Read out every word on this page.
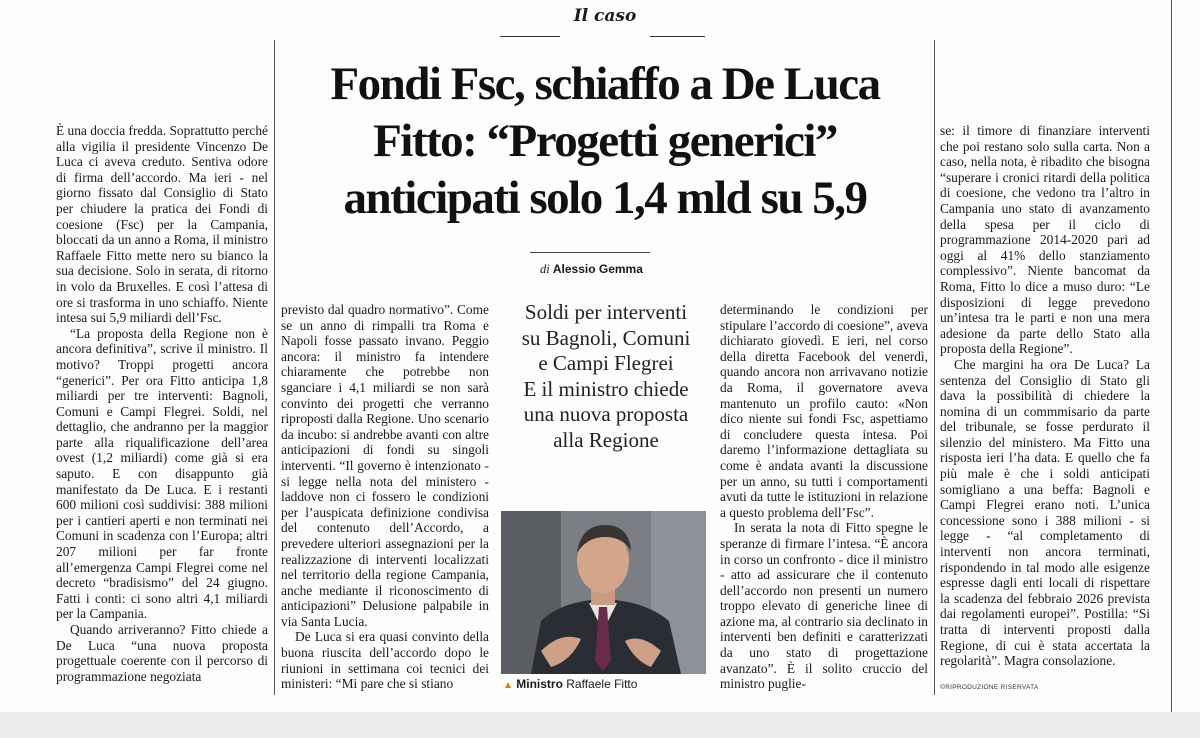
Il caso
Fondi Fsc, schiaffo a De Luca
Fitto: “Progetti generici”
anticipati solo 1,4 mld su 5,9
di Alessio Gemma

È una doccia fredda. Soprattutto perché alla vigilia il presidente Vincenzo De Luca ci aveva creduto. Sentiva odore di firma dell’accordo. Ma ieri - nel giorno fissato dal Consiglio di Stato per chiudere la pratica dei Fondi di coesione (Fsc) per la Campania, bloccati da un anno a Roma, il ministro Raffaele Fitto mette nero su bianco la sua decisione. Solo in serata, di ritorno in volo da Bruxelles. E così l’attesa di ore si trasforma in uno schiaffo. Niente intesa sui 5,9 miliardi dell’Fsc.

“La proposta della Regione non è ancora definitiva”, scrive il ministro. Il motivo? Troppi progetti ancora “generici”. Per ora Fitto anticipa 1,8 miliardi per tre interventi: Bagnoli, Comuni e Campi Flegrei. Soldi, nel dettaglio, che andranno per la maggior parte alla riqualificazione dell’area ovest (1,2 miliardi) come già si era saputo. E con disappunto già manifestato da De Luca. E i restanti 600 milioni così suddivisi: 388 milioni per i cantieri aperti e non terminati nei Comuni in scadenza con l’Europa; altri 207 milioni per far fronte all’emergenza Campi Flegrei come nel decreto “bradisismo” del 24 giugno. Fatti i conti: ci sono altri 4,1 miliardi per la Campania.

Quando arriveranno? Fitto chiede a De Luca “una nuova proposta progettuale coerente con il percorso di programmazione negoziata

previsto dal quadro normativo”. Come se un anno di rimpalli tra Roma e Napoli fosse passato invano. Peggio ancora: il ministro fa intendere chiaramente che potrebbe non sganciare i 4,1 miliardi se non sarà convinto dei progetti che verranno riproposti dalla Regione. Uno scenario da incubo: si andrebbe avanti con altre anticipazioni di fondi su singoli interventi. “Il governo è intenzionato - si legge nella nota del ministero - laddove non ci fossero le condizioni per l’auspicata definizione condivisa del contenuto dell’Accordo, a prevedere ulteriori assegnazioni per la realizzazione di interventi localizzati nel territorio della regione Campania, anche mediante il riconoscimento di anticipazioni” Delusione palpabile in via Santa Lucia.

De Luca si era quasi convinto della buona riuscita dell’accordo dopo le riunioni in settimana coi tecnici dei ministeri: “Mi pare che si stiano

Soldi per interventi
su Bagnoli, Comuni
e Campi Flegrei
E il ministro chiede
una nuova proposta
alla Regione
▲ Ministro Raffaele Fitto

determinando le condizioni per stipulare l’accordo di coesione”, aveva dichiarato giovedì. E ieri, nel corso della diretta Facebook del venerdì, quando ancora non arrivavano notizie da Roma, il governatore aveva mantenuto un profilo cauto: «Non dico niente sui fondi Fsc, aspettiamo di concludere questa intesa. Poi daremo l’informazione dettagliata su come è andata avanti la discussione per un anno, su tutti i comportamenti avuti da tutte le istituzioni in relazione a questo problema dell’Fsc”.

In serata la nota di Fitto spegne le speranze di firmare l’intesa. “È ancora in corso un confronto - dice il ministro - atto ad assicurare che il contenuto dell’accordo non presenti un numero troppo elevato di generiche linee di azione ma, al contrario sia declinato in interventi ben definiti e caratterizzati da uno stato di progettazione avanzato”. È il solito cruccio del ministro puglie-

se: il timore di finanziare interventi che poi restano solo sulla carta. Non a caso, nella nota, è ribadito che bisogna “superare i cronici ritardi della politica di coesione, che vedono tra l’altro in Campania uno stato di avanzamento della spesa per il ciclo di programmazione 2014-2020 pari ad oggi al 41% dello stanziamento complessivo”. Niente bancomat da Roma, Fitto lo dice a muso duro: “Le disposizioni di legge prevedono un’intesa tra le parti e non una mera adesione da parte dello Stato alla proposta della Regione”.

Che margini ha ora De Luca? La sentenza del Consiglio di Stato gli dava la possibilità di chiedere la nomina di un commmisario da parte del tribunale, se fosse perdurato il silenzio del ministero. Ma Fitto una risposta ieri l’ha data. E quello che fa più male è che i soldi anticipati somigliano a una beffa: Bagnoli e Campi Flegrei erano noti. L’unica concessione sono i 388 milioni - si legge - “al completamento di interventi non ancora terminati, rispondendo in tal modo alle esigenze espresse dagli enti locali di rispettare la scadenza del febbraio 2026 prevista dai regolamenti europei”. Postilla: “Si tratta di interventi proposti dalla Regione, di cui è stata accertata la regolarità”. Magra consolazione.

©RIPRODUZIONE RISERVATA
